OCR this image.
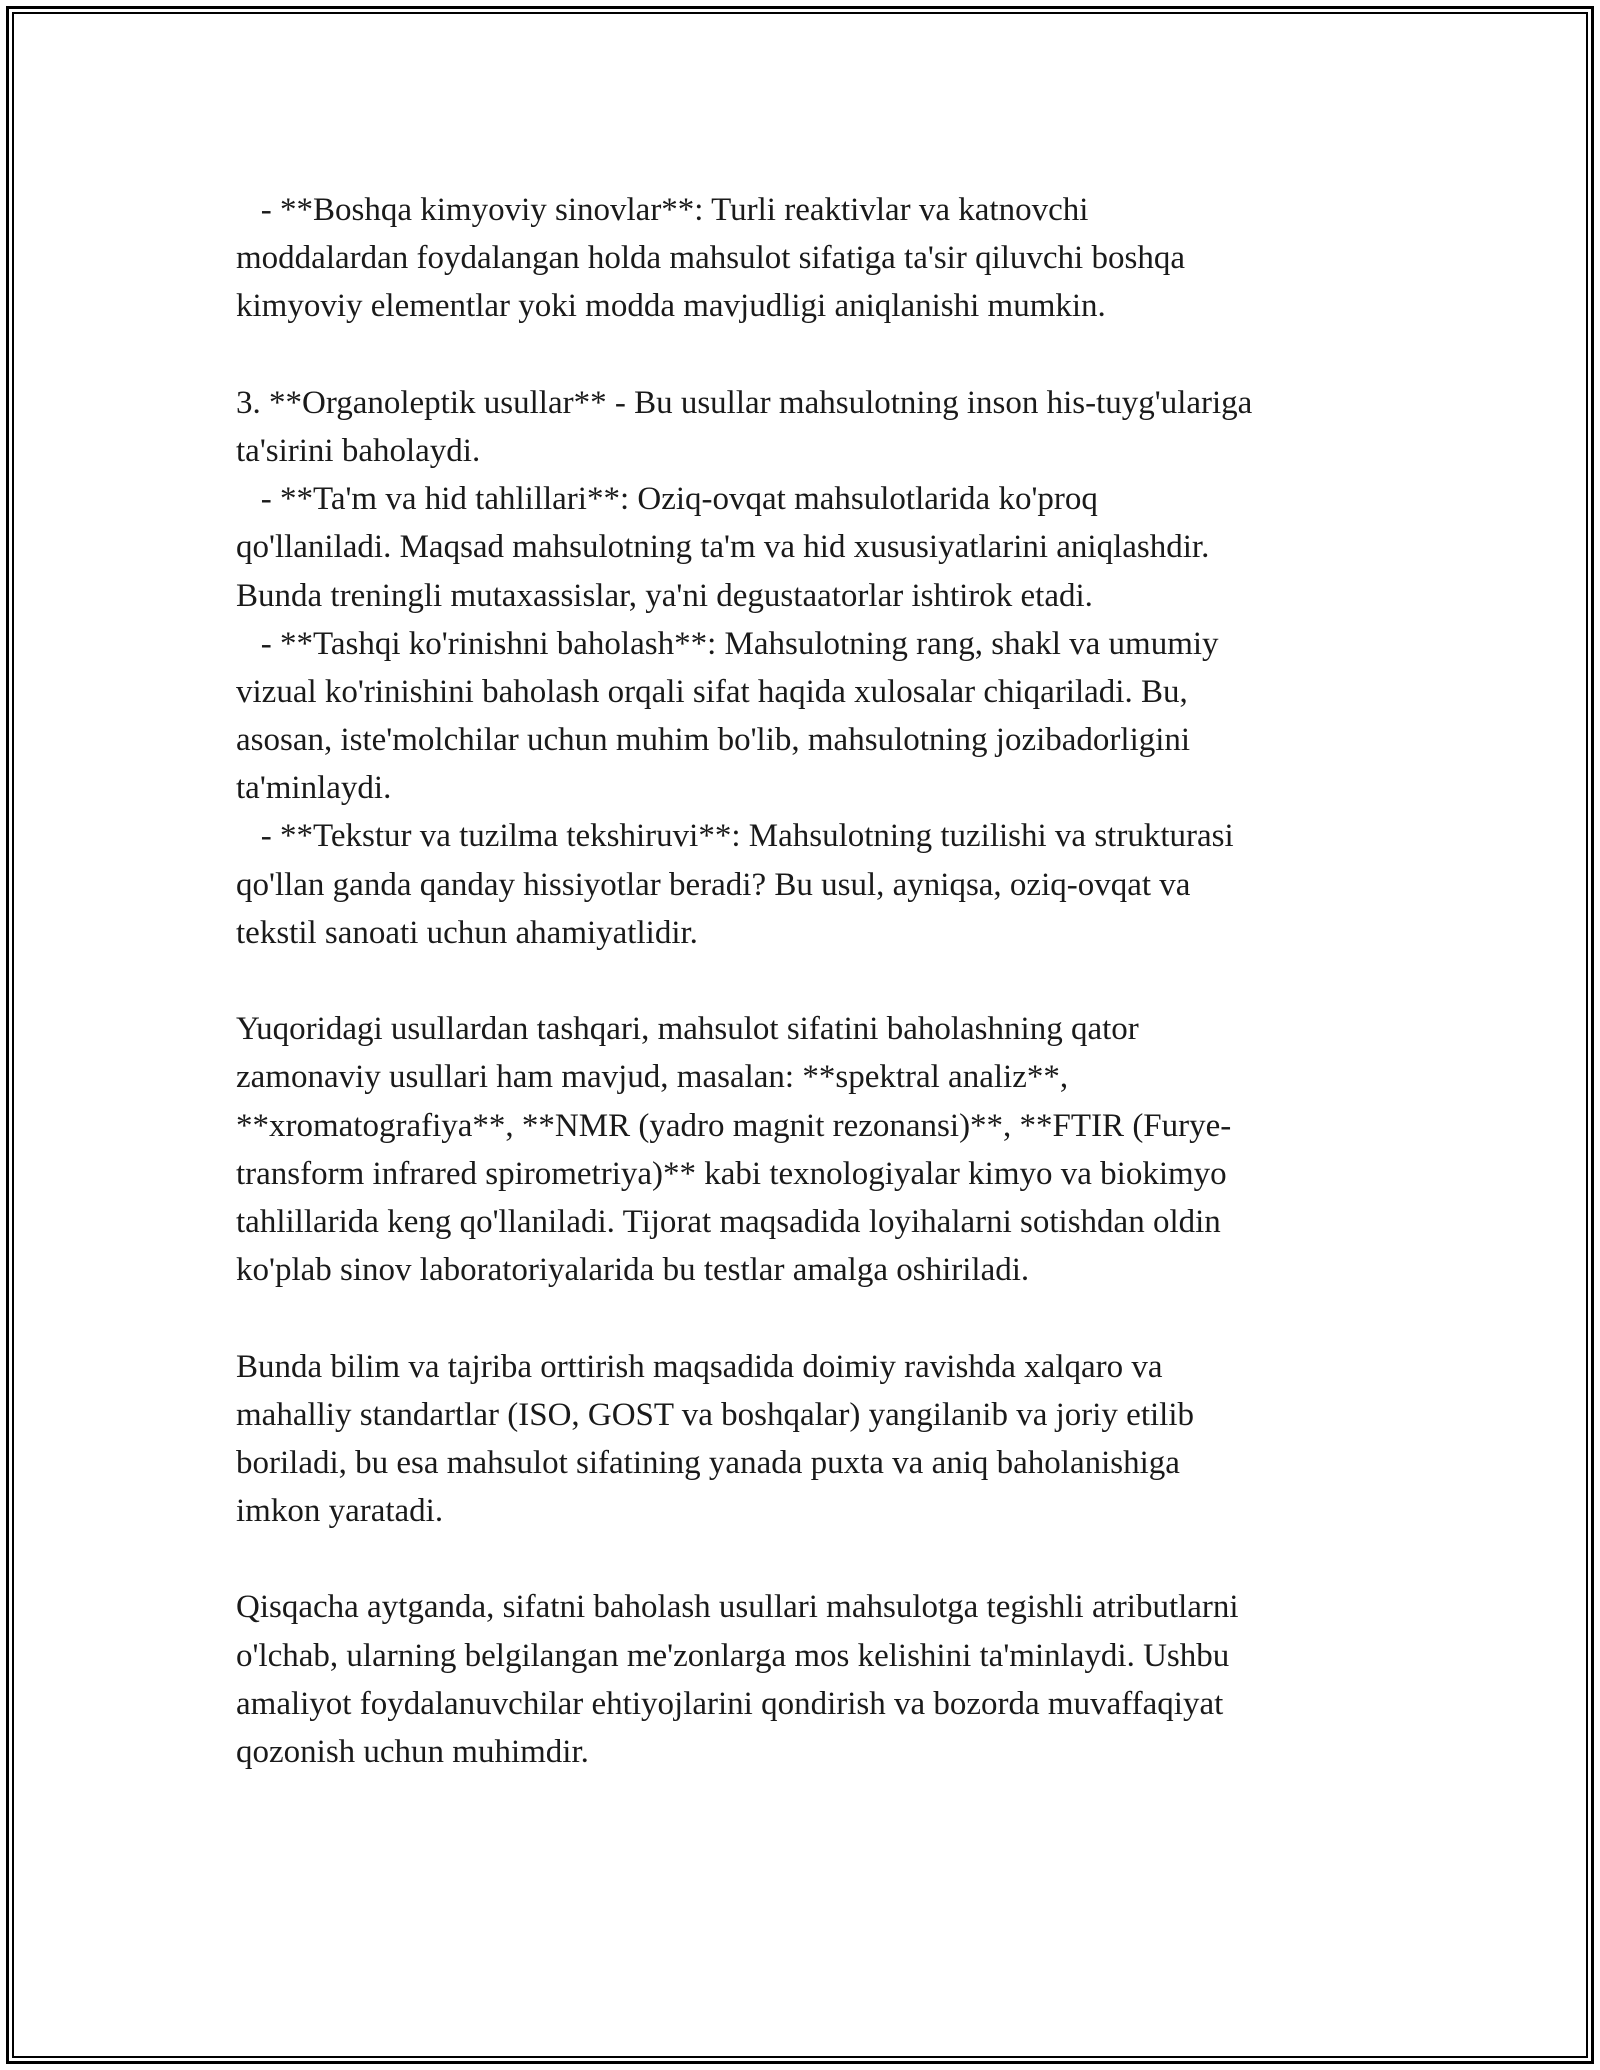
- **Boshqa kimyoviy sinovlar**: Turli reaktivlar va katnovchi
moddalardan foydalangan holda mahsulot sifatiga ta'sir qiluvchi boshqa
kimyoviy elementlar yoki modda mavjudligi aniqlanishi mumkin.
3. **Organoleptik usullar** - Bu usullar mahsulotning inson his-tuyg'ulariga
ta'sirini baholaydi.
- **Ta'm va hid tahlillari**: Oziq-ovqat mahsulotlarida ko'proq
qo'llaniladi. Maqsad mahsulotning ta'm va hid xususiyatlarini aniqlashdir.
Bunda treningli mutaxassislar, ya'ni degustaatorlar ishtirok etadi.
- **Tashqi ko'rinishni baholash**: Mahsulotning rang, shakl va umumiy
vizual ko'rinishini baholash orqali sifat haqida xulosalar chiqariladi. Bu,
asosan, iste'molchilar uchun muhim bo'lib, mahsulotning jozibadorligini
ta'minlaydi.
- **Tekstur va tuzilma tekshiruvi**: Mahsulotning tuzilishi va strukturasi
qo'llan ganda qanday hissiyotlar beradi? Bu usul, ayniqsa, oziq-ovqat va
tekstil sanoati uchun ahamiyatlidir.
Yuqoridagi usullardan tashqari, mahsulot sifatini baholashning qator
zamonaviy usullari ham mavjud, masalan: **spektral analiz**,
**xromatografiya**, **NMR (yadro magnit rezonansi)**, **FTIR (Furye-
transform infrared spirometriya)** kabi texnologiyalar kimyo va biokimyo
tahlillarida keng qo'llaniladi. Tijorat maqsadida loyihalarni sotishdan oldin
ko'plab sinov laboratoriyalarida bu testlar amalga oshiriladi.
Bunda bilim va tajriba orttirish maqsadida doimiy ravishda xalqaro va
mahalliy standartlar (ISO, GOST va boshqalar) yangilanib va joriy etilib
boriladi, bu esa mahsulot sifatining yanada puxta va aniq baholanishiga
imkon yaratadi.
Qisqacha aytganda, sifatni baholash usullari mahsulotga tegishli atributlarni
o'lchab, ularning belgilangan me'zonlarga mos kelishini ta'minlaydi. Ushbu
amaliyot foydalanuvchilar ehtiyojlarini qondirish va bozorda muvaffaqiyat
qozonish uchun muhimdir.
